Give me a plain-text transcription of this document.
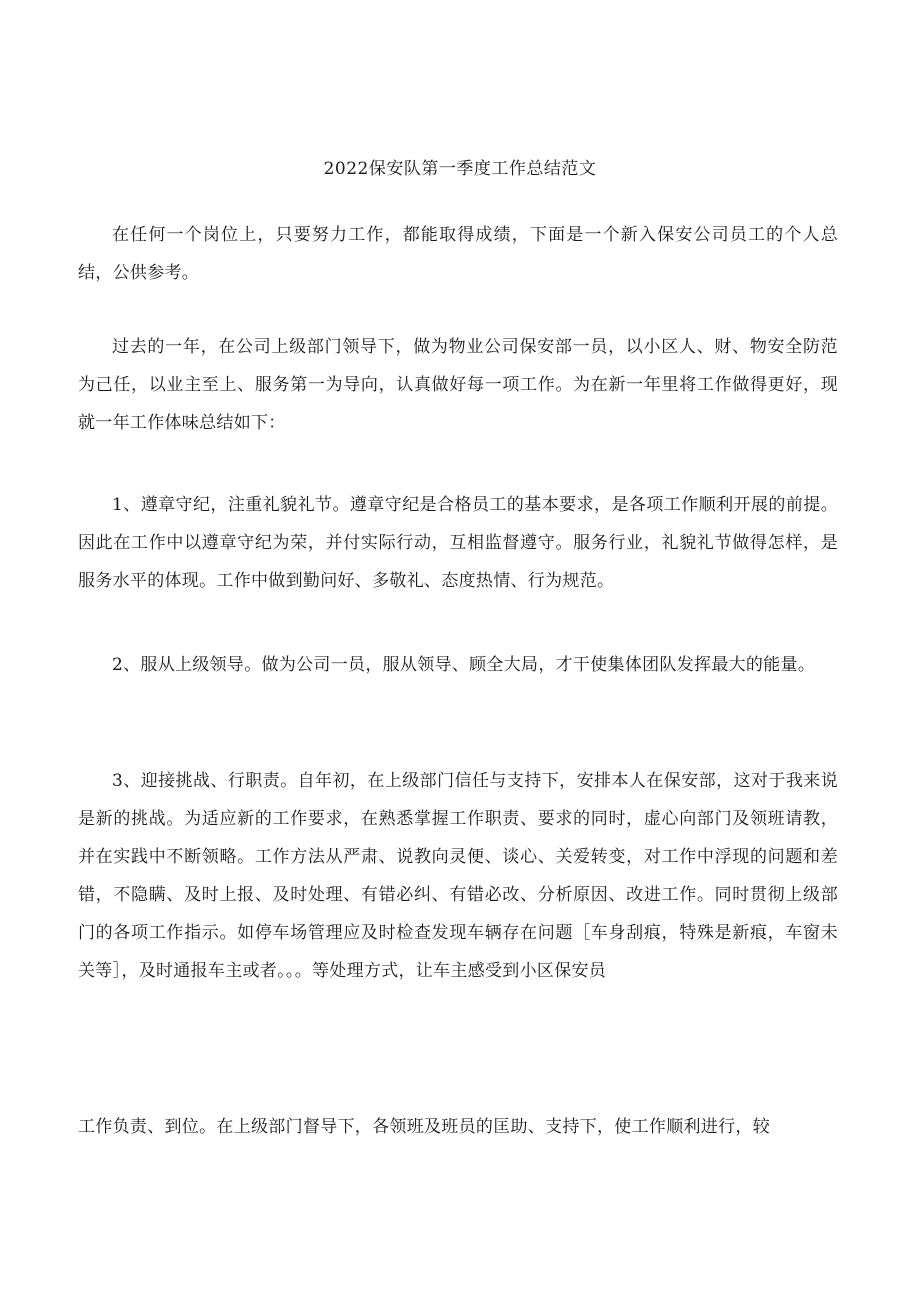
2022保安队第一季度工作总结范文

在任何一个岗位上，只要努力工作，都能取得成绩，下面是一个新入保安公司员工的个人总结，公供参考。

过去的一年，在公司上级部门领导下，做为物业公司保安部一员，以小区人、财、物安全防范为己任，以业主至上、服务第一为导向，认真做好每一项工作。为在新一年里将工作做得更好，现就一年工作体味总结如下：

1、遵章守纪，注重礼貌礼节。遵章守纪是合格员工的基本要求，是各项工作顺利开展的前提。因此在工作中以遵章守纪为荣，并付实际行动，互相监督遵守。服务行业，礼貌礼节做得怎样，是服务水平的体现。工作中做到勤问好、多敬礼、态度热情、行为规范。

2、服从上级领导。做为公司一员，服从领导、顾全大局，才干使集体团队发挥最大的能量。

3、迎接挑战、行职责。自年初，在上级部门信任与支持下，安排本人在保安部，这对于我来说是新的挑战。为适应新的工作要求，在熟悉掌握工作职责、要求的同时，虚心向部门及领班请教，并在实践中不断领略。工作方法从严肃、说教向灵便、谈心、关爱转变，对工作中浮现的问题和差错，不隐瞒、及时上报、及时处理、有错必纠、有错必改、分析原因、改进工作。同时贯彻上级部门的各项工作指示。如停车场管理应及时检查发现车辆存在问题［车身刮痕，特殊是新痕，车窗未关等］，及时通报车主或者。。。等处理方式，让车主感受到小区保安员

工作负责、到位。在上级部门督导下，各领班及班员的匡助、支持下，使工作顺利进行，较
